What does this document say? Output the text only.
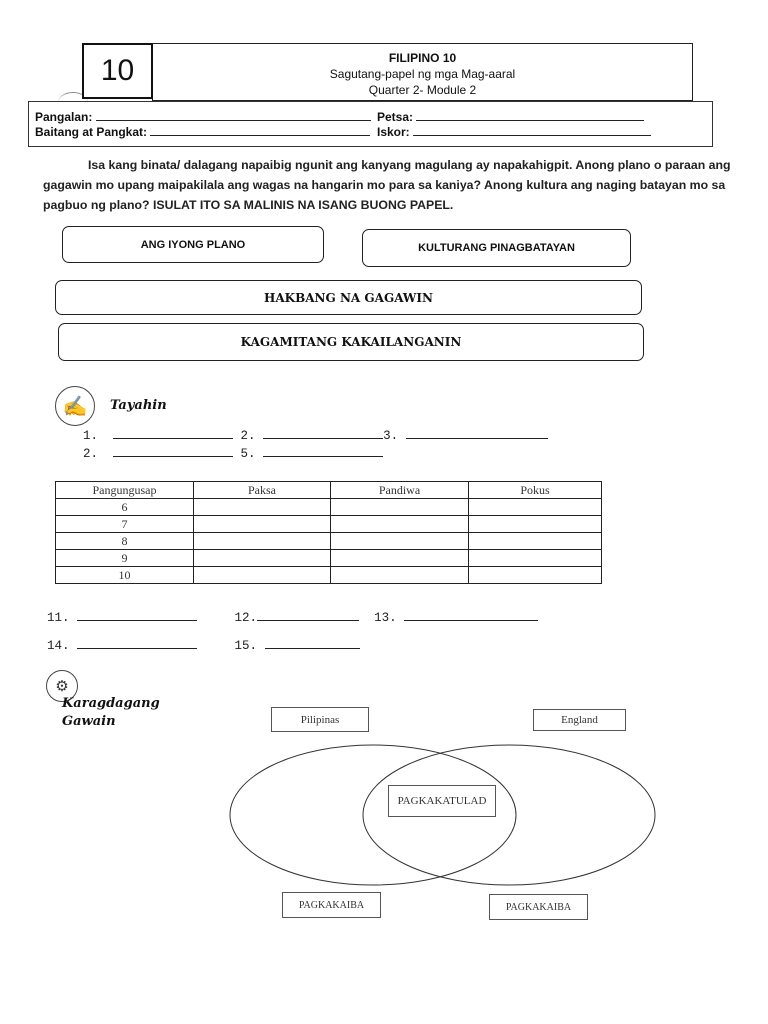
10	FILIPINO 10
Sagutang-papel ng mga Mag-aaral
Quarter 2- Module 2
Pangalan:
Baitang at Pangkat:
Petsa:
Iskor:
Isa kang binata/ dalagang napaibig ngunit ang kanyang magulang ay napakahigpit. Anong plano o paraan ang gagawin mo upang maipakilala ang wagas na hangarin mo para sa kaniya? Anong kultura ang naging batayan mo sa pagbuo ng plano? ISULAT ITO SA MALINIS NA ISANG BUONG PAPEL.
ANG IYONG PLANO	KULTURANG PINAGBATAYAN
HAKBANG NA GAGAWIN
KAGAMITANG KAKAILANGANIN
✍	Tayahin
1.	2.	3.
2.	5.
Pangungusap	Paksa	Pandiwa	Pokus
6			
7			
8			
9			
10			
11.	12.	13.
14.	15.
⚙
Karagdagang
Gawain	Pilipinas	England
PAGKAKATULAD
PAGKAKAIBA	PAGKAKAIBA
